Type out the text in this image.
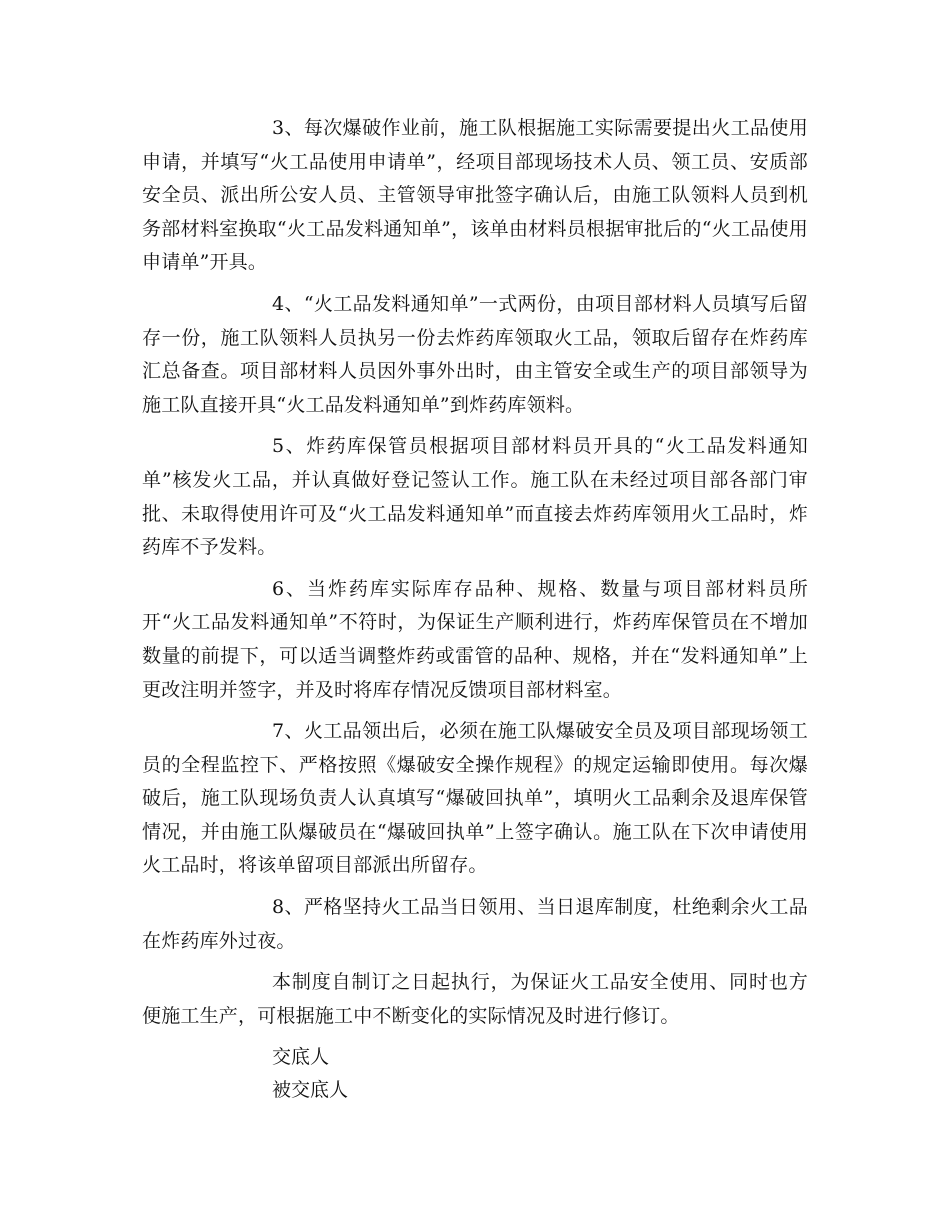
3、每次爆破作业前，施工队根据施工实际需要提出火工品使用申请，并填写“火工品使用申请单”，经项目部现场技术人员、领工员、安质部安全员、派出所公安人员、主管领导审批签字确认后，由施工队领料人员到机务部材料室换取“火工品发料通知单”，该单由材料员根据审批后的“火工品使用申请单”开具。

4、“火工品发料通知单”一式两份，由项目部材料人员填写后留存一份，施工队领料人员执另一份去炸药库领取火工品，领取后留存在炸药库汇总备查。项目部材料人员因外事外出时，由主管安全或生产的项目部领导为施工队直接开具“火工品发料通知单”到炸药库领料。

5、炸药库保管员根据项目部材料员开具的“火工品发料通知单”核发火工品，并认真做好登记签认工作。施工队在未经过项目部各部门审批、未取得使用许可及“火工品发料通知单”而直接去炸药库领用火工品时，炸药库不予发料。

6、当炸药库实际库存品种、规格、数量与项目部材料员所开“火工品发料通知单”不符时，为保证生产顺利进行，炸药库保管员在不增加数量的前提下，可以适当调整炸药或雷管的品种、规格，并在“发料通知单”上更改注明并签字，并及时将库存情况反馈项目部材料室。

7、火工品领出后，必须在施工队爆破安全员及项目部现场领工员的全程监控下、严格按照《爆破安全操作规程》的规定运输即使用。每次爆破后，施工队现场负责人认真填写“爆破回执单”，填明火工品剩余及退库保管情况，并由施工队爆破员在“爆破回执单”上签字确认。施工队在下次申请使用火工品时，将该单留项目部派出所留存。

8、严格坚持火工品当日领用、当日退库制度，杜绝剩余火工品在炸药库外过夜。

本制度自制订之日起执行，为保证火工品安全使用、同时也方便施工生产，可根据施工中不断变化的实际情况及时进行修订。

交底人

被交底人
